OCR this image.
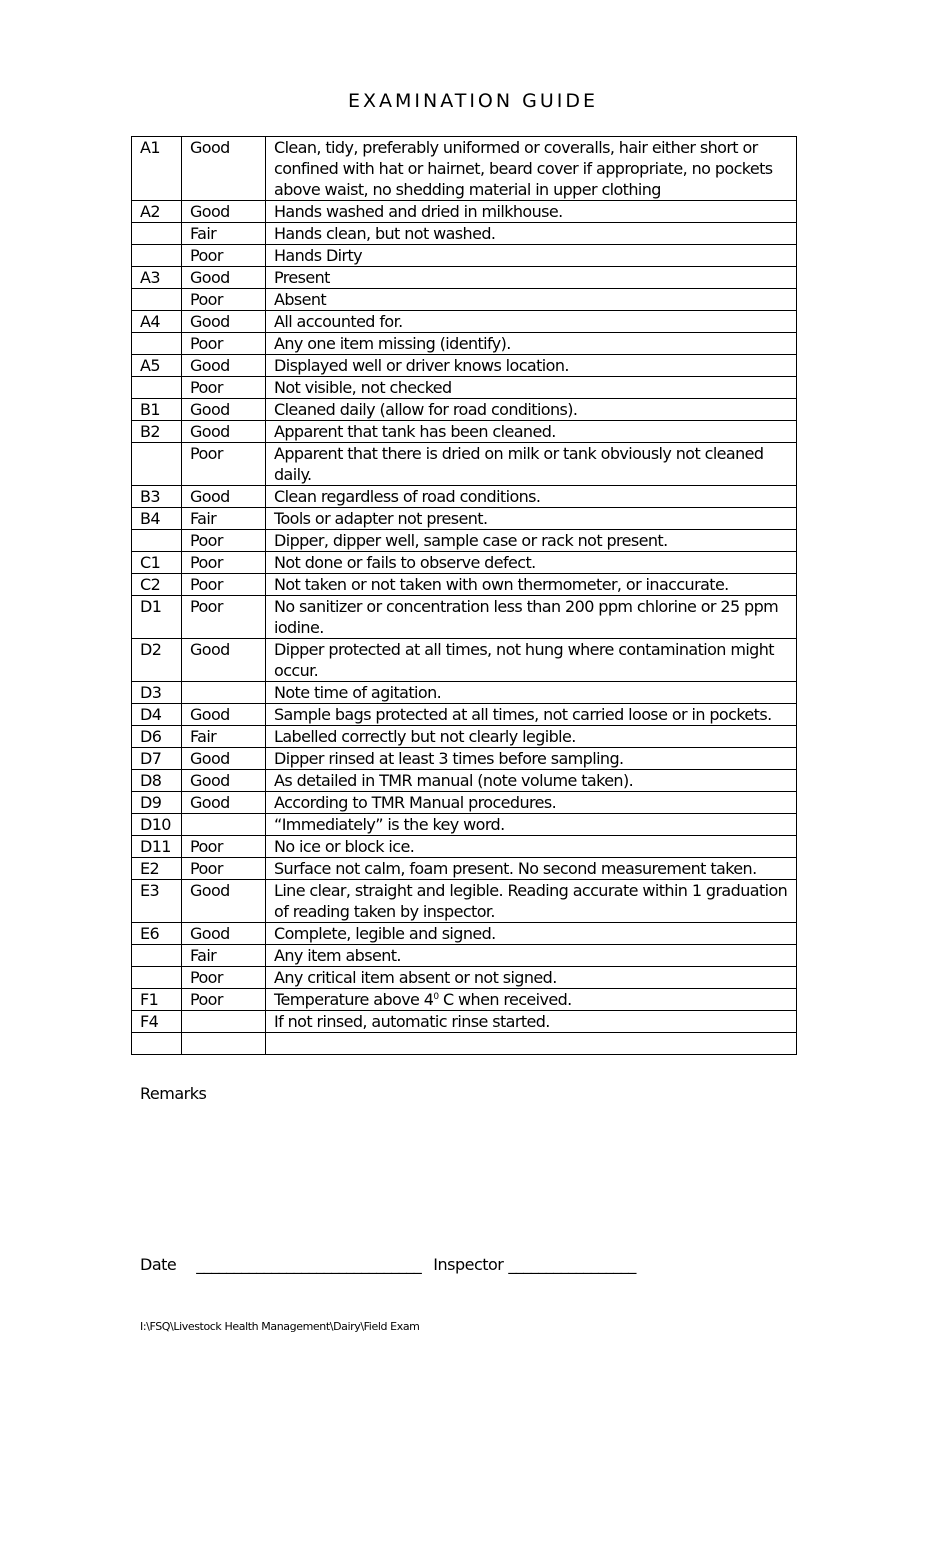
EXAMINATION GUIDE
A1	Good	Clean, tidy, preferably uniformed or coveralls, hair either short or confined with hat or hairnet, beard cover if appropriate, no pockets above waist, no shedding material in upper clothing
A2	Good	Hands washed and dried in milkhouse.
	Fair	Hands clean, but not washed.
	Poor	Hands Dirty
A3	Good	Present
	Poor	Absent
A4	Good	All accounted for.
	Poor	Any one item missing (identify).
A5	Good	Displayed well or driver knows location.
	Poor	Not visible, not checked
B1	Good	Cleaned daily (allow for road conditions).
B2	Good	Apparent that tank has been cleaned.
	Poor	Apparent that there is dried on milk or tank obviously not cleaned daily.
B3	Good	Clean regardless of road conditions.
B4	Fair	Tools or adapter not present.
	Poor	Dipper, dipper well, sample case or rack not present.
C1	Poor	Not done or fails to observe defect.
C2	Poor	Not taken or not taken with own thermometer, or inaccurate.
D1	Poor	No sanitizer or concentration less than 200 ppm chlorine or 25 ppm iodine.
D2	Good	Dipper protected at all times, not hung where contamination might occur.
D3		Note time of agitation.
D4	Good	Sample bags protected at all times, not carried loose or in pockets.
D6	Fair	Labelled correctly but not clearly legible.
D7	Good	Dipper rinsed at least 3 times before sampling.
D8	Good	As detailed in TMR manual (note volume taken).
D9	Good	According to TMR Manual procedures.
D10		“Immediately” is the key word.
D11	Poor	No ice or block ice.
E2	Poor	Surface not calm, foam present. No second measurement taken.
E3	Good	Line clear, straight and legible. Reading accurate within 1 graduation of reading taken by inspector.
E6	Good	Complete, legible and signed.
	Fair	Any item absent.
	Poor	Any critical item absent or not signed.
F1	Poor	Temperature above $4^0$ C when received.
F4		If not rinsed, automatic rinse started.

Remarks
Date ______________________________ Inspector _________________
I:\FSQ\Livestock Health Management\Dairy\Field Exam
